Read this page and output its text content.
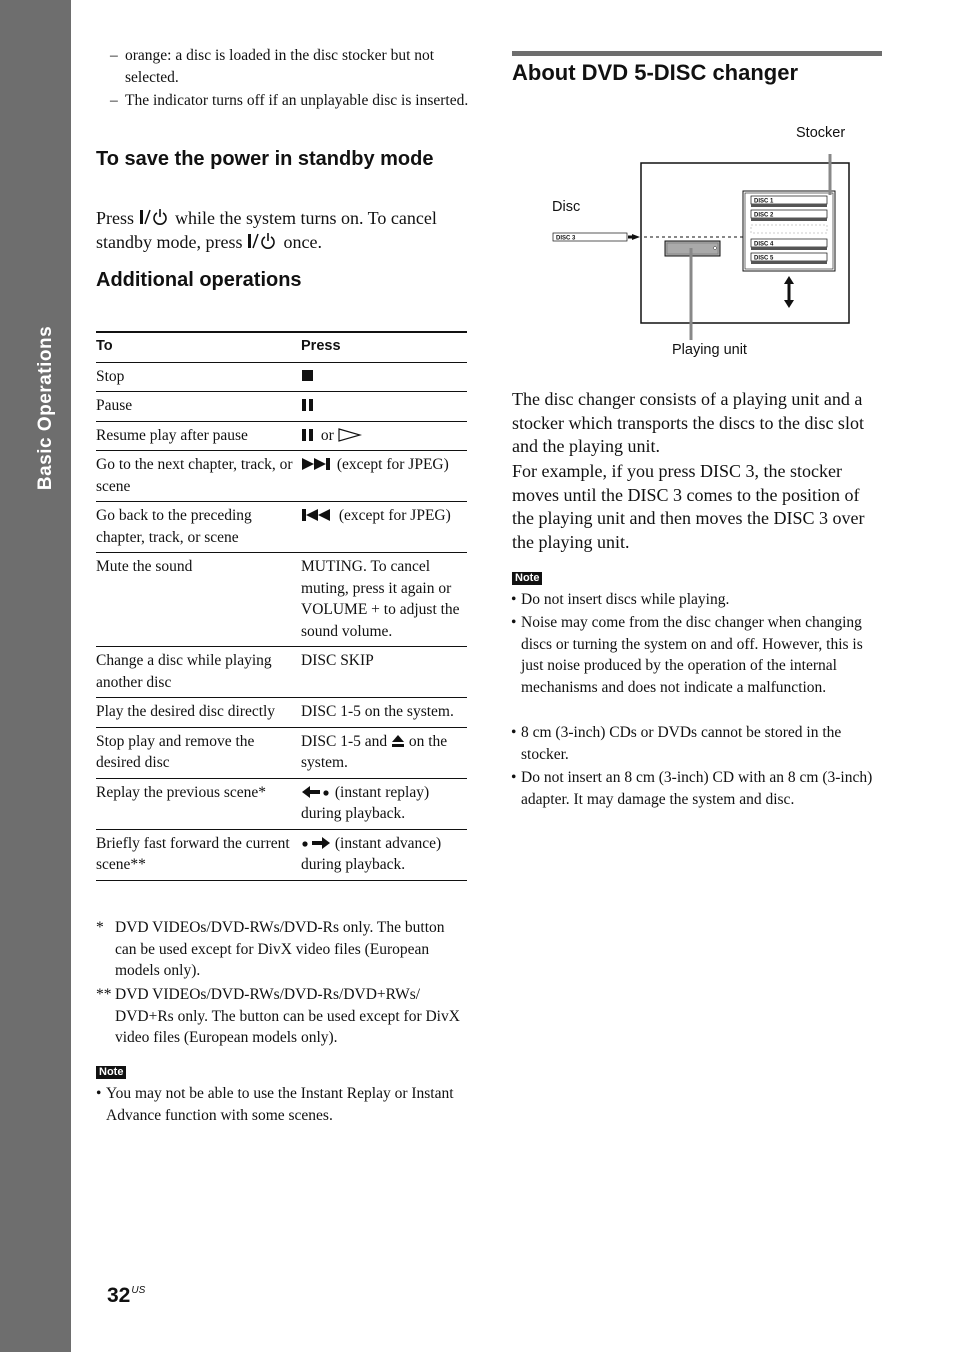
Basic Operations
– orange: a disc is loaded in the disc stocker but not selected.
– The indicator turns off if an unplayable disc is inserted.
To save the power in standby mode
Press  while the system turns on. To cancel standby mode, press  once.
Additional operations
To	Press
Stop	
Pause	
Resume play after pause	or
Go to the next chapter, track, or scene	(except for JPEG)
Go back to the preceding chapter, track, or scene	(except for JPEG)
Mute the sound	MUTING. To cancel muting, press it again or VOLUME + to adjust the sound volume.
Change a disc while playing another disc	DISC SKIP
Play the desired disc directly	DISC 1-5 on the system.
Stop play and remove the desired disc	DISC 1-5 and on the system.
Replay the previous scene*	(instant replay) during playback.
Briefly fast forward the current scene**	(instant advance) during playback.
* DVD VIDEOs/DVD-RWs/DVD-Rs only. The button can be used except for DivX video files (European models only).
** DVD VIDEOs/DVD-RWs/DVD-Rs/DVD+RWs/ DVD+Rs only. The button can be used except for DivX video files (European models only).
Note
• You may not be able to use the Instant Replay or Instant Advance function with some scenes.
About DVD 5-DISC changer
Stocker
Disc
Playing unit
DISC 1
DISC 2
DISC 4
DISC 5
DISC 3
The disc changer consists of a playing unit and a stocker which transports the discs to the disc slot and the playing unit.
For example, if you press DISC 3, the stocker moves until the DISC 3 comes to the position of the playing unit and then moves the DISC 3 over the playing unit.
Note
• Do not insert discs while playing.
• Noise may come from the disc changer when changing discs or turning the system on and off. However, this is just noise produced by the operation of the internal mechanisms and does not indicate a malfunction.
• 8 cm (3-inch) CDs or DVDs cannot be stored in the stocker.
• Do not insert an 8 cm (3-inch) CD with an 8 cm (3-inch) adapter. It may damage the system and disc.
$32^{US}$
